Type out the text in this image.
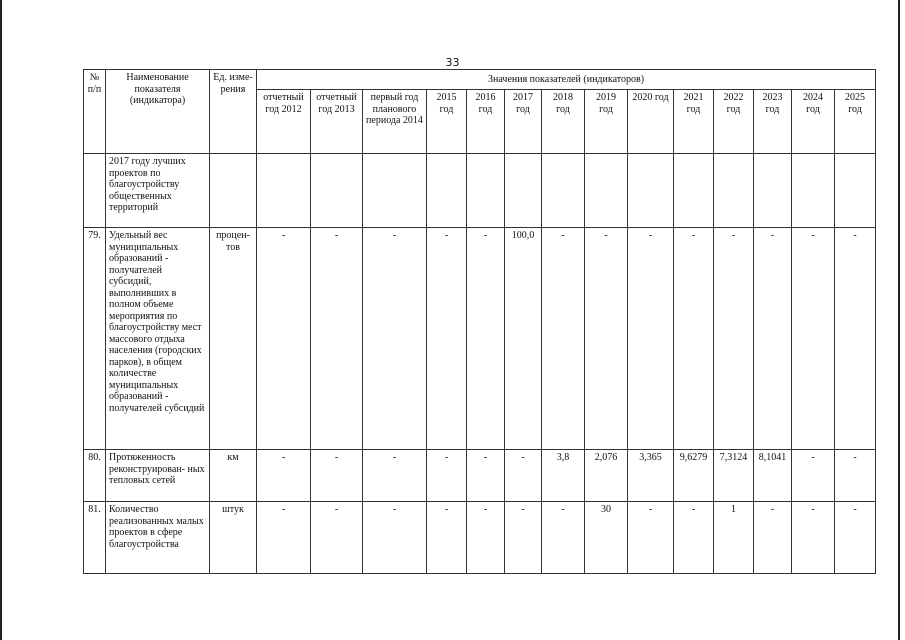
33
№ п/п	Наименование показателя (индикатора)	Ед. изме- рения	Значения показателей (индикаторов)													
			отчетный год 2012	отчетный год 2013	первый год планового периода 2014	2015 год	2016 год	2017 год	2018 год	2019 год	2020 год	2021 год	2022 год	2023 год	2024 год	2025 год
	2017 году лучших проектов по благоустройству общественных территорий															
79.	Удельный вес муниципальных образований - получателей субсидий, выполнивших в полном объеме мероприятия по благоустройству мест массового отдыха населения (городских парков), в общем количестве муниципальных образований - получателей субсидий	процен- тов	-	-	-	-	-	100,0	-	-	-	-	-	-	-	-
80.	Протяженность реконструирован- ных тепловых сетей	км	-	-	-	-	-	-	3,8	2,076	3,365	9,6279	7,3124	8,1041	-	-
81.	Количество реализованных малых проектов в сфере благоустройства	штук	-	-	-	-	-	-	-	30	-	-	1	-	-	-
